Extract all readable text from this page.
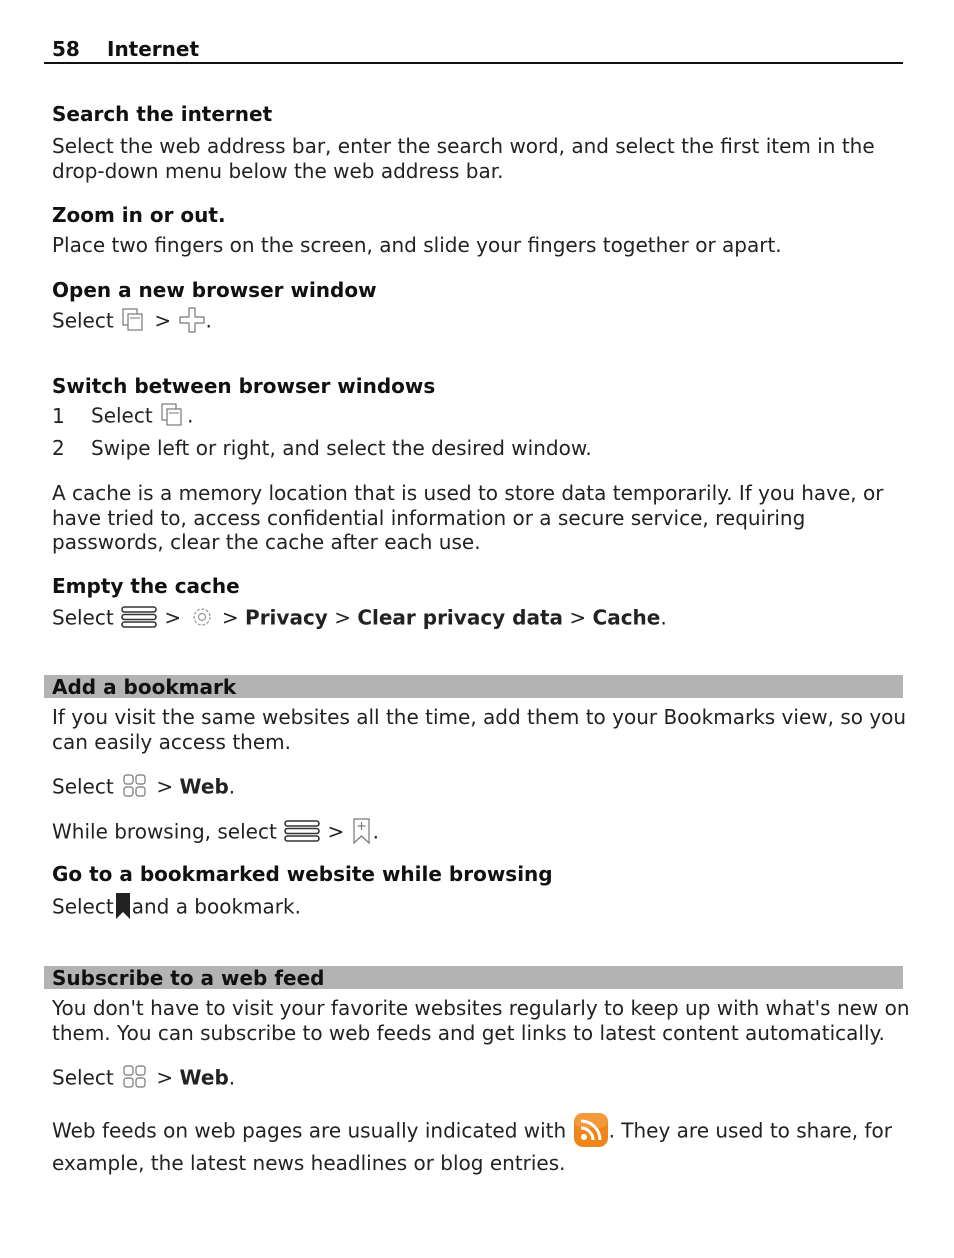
58 Internet
Search the internet
Select the web address bar, enter the search word, and select the first item in the
drop-down menu below the web address bar.
Zoom in or out.
Place two fingers on the screen, and slide your fingers together or apart.
Open a new browser window
Select > .
Switch between browser windows
1 Select .
2 Swipe left or right, and select the desired window.
A cache is a memory location that is used to store data temporarily. If you have, or
have tried to, access confidential information or a secure service, requiring
passwords, clear the cache after each use.
Empty the cache
Select	> > Privacy > Clear privacy data > Cache.
Add a bookmark
If you visit the same websites all the time, add them to your Bookmarks view, so you
can easily access them.
Select > Web.
While browsing, select	> .
Go to a bookmarked website while browsing
Select and a bookmark.
Subscribe to a web feed
You don't have to visit your favorite websites regularly to keep up with what's new on
them. You can subscribe to web feeds and get links to latest content automatically.
Select > Web.
Web feeds on web pages are usually indicated with . They are used to share, for
example, the latest news headlines or blog entries.
